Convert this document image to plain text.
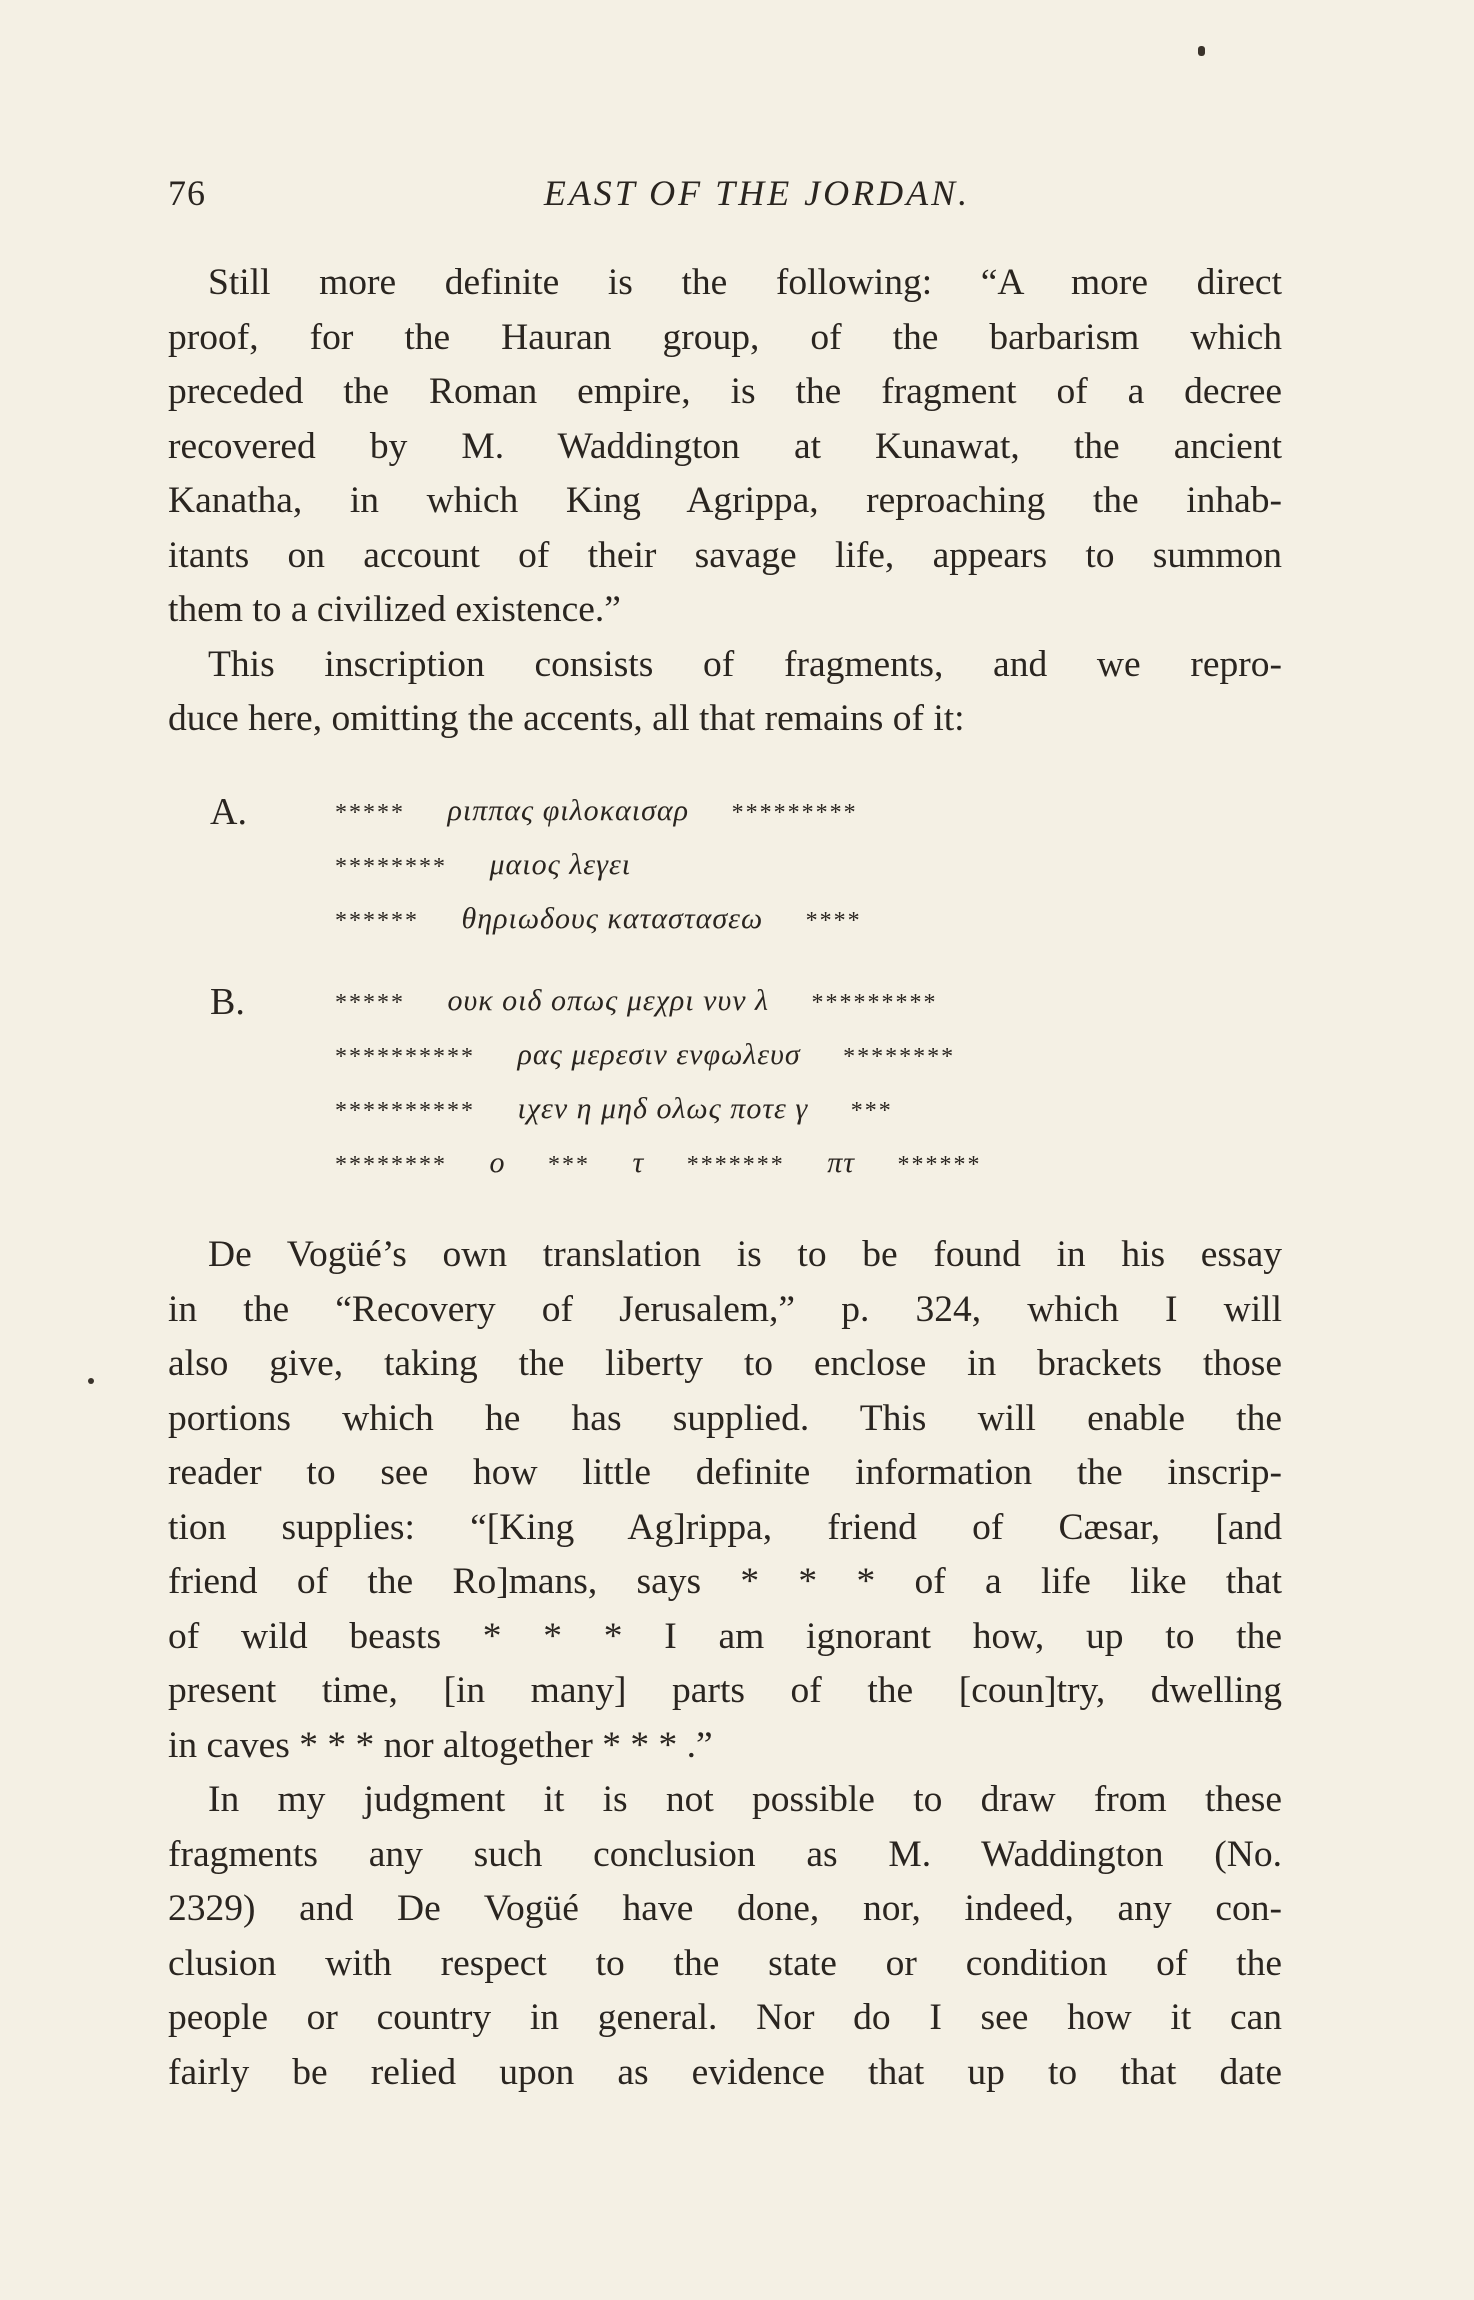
76	EAST OF THE JORDAN.

Still more definite is the following: “A more direct
proof, for the Hauran group, of the barbarism which
preceded the Roman empire, is the fragment of a decree
recovered by M. Waddington at Kunawat, the ancient
Kanatha, in which King Agrippa, reproaching the inhab-
itants on account of their savage life, appears to summon
them to a civilized existence.”

This inscription consists of fragments, and we repro-
duce here, omitting the accents, all that remains of it:

A.	***** ριππας φιλοκαισαρ *********
******** μαιος λεγει
****** θηριωδους καταστασεω ****
B.	***** ουκ οιδ οπως μεχρι νυν λ *********
********** ρας μερεσιν ενφωλευσ ********
********** ιχεν η μηδ ολως ποτε γ ***
******** ο *** τ ******* πτ ******

De Vogüé’s own translation is to be found in his essay
in the “Recovery of Jerusalem,” p. 324, which I will
also give, taking the liberty to enclose in brackets those
portions which he has supplied. This will enable the
reader to see how little definite information the inscrip-
tion supplies: “[King Ag]rippa, friend of Cæsar, [and
friend of the Ro]mans, says * * * of a life like that
of wild beasts * * * I am ignorant how, up to the
present time, [in many] parts of the [coun]try, dwelling
in caves * * * nor altogether * * * .”

In my judgment it is not possible to draw from these
fragments any such conclusion as M. Waddington (No.
2329) and De Vogüé have done, nor, indeed, any con-
clusion with respect to the state or condition of the
people or country in general. Nor do I see how it can
fairly be relied upon as evidence that up to that date
